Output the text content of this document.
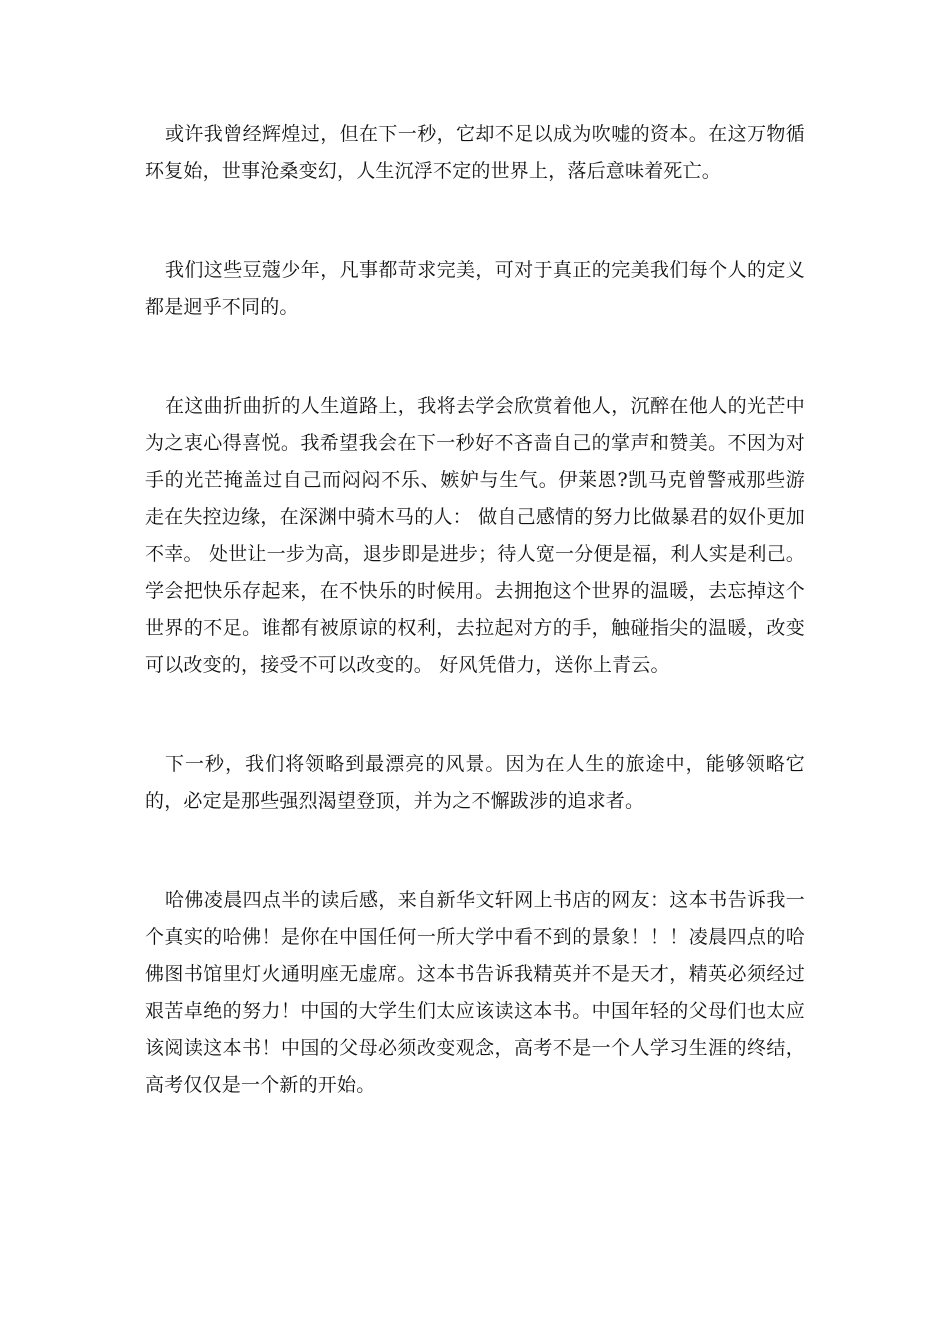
或许我曾经辉煌过，但在下一秒，它却不足以成为吹嘘的资本。在这万物循环复始，世事沧桑变幻，人生沉浮不定的世界上，落后意味着死亡。

我们这些豆蔻少年，凡事都苛求完美，可对于真正的完美我们每个人的定义都是迥乎不同的。

在这曲折曲折的人生道路上，我将去学会欣赏着他人，沉醉在他人的光芒中为之衷心得喜悦。我希望我会在下一秒好不吝啬自己的掌声和赞美。不因为对手的光芒掩盖过自己而闷闷不乐、嫉妒与生气。伊莱恩?凯马克曾警戒那些游走在失控边缘，在深渊中骑木马的人： 做自己感情的努力比做暴君的奴仆更加不幸。 处世让一步为高，退步即是进步；待人宽一分便是福，利人实是利己。学会把快乐存起来，在不快乐的时候用。去拥抱这个世界的温暖，去忘掉这个世界的不足。谁都有被原谅的权利，去拉起对方的手，触碰指尖的温暖，改变可以改变的，接受不可以改变的。 好风凭借力，送你上青云。

下一秒，我们将领略到最漂亮的风景。因为在人生的旅途中，能够领略它的，必定是那些强烈渴望登顶，并为之不懈跋涉的追求者。

哈佛凌晨四点半的读后感，来自新华文轩网上书店的网友：这本书告诉我一个真实的哈佛！是你在中国任何一所大学中看不到的景象！！！凌晨四点的哈佛图书馆里灯火通明座无虚席。这本书告诉我精英并不是天才，精英必须经过艰苦卓绝的努力！中国的大学生们太应该读这本书。中国年轻的父母们也太应该阅读这本书！中国的父母必须改变观念，高考不是一个人学习生涯的终结，高考仅仅是一个新的开始。
